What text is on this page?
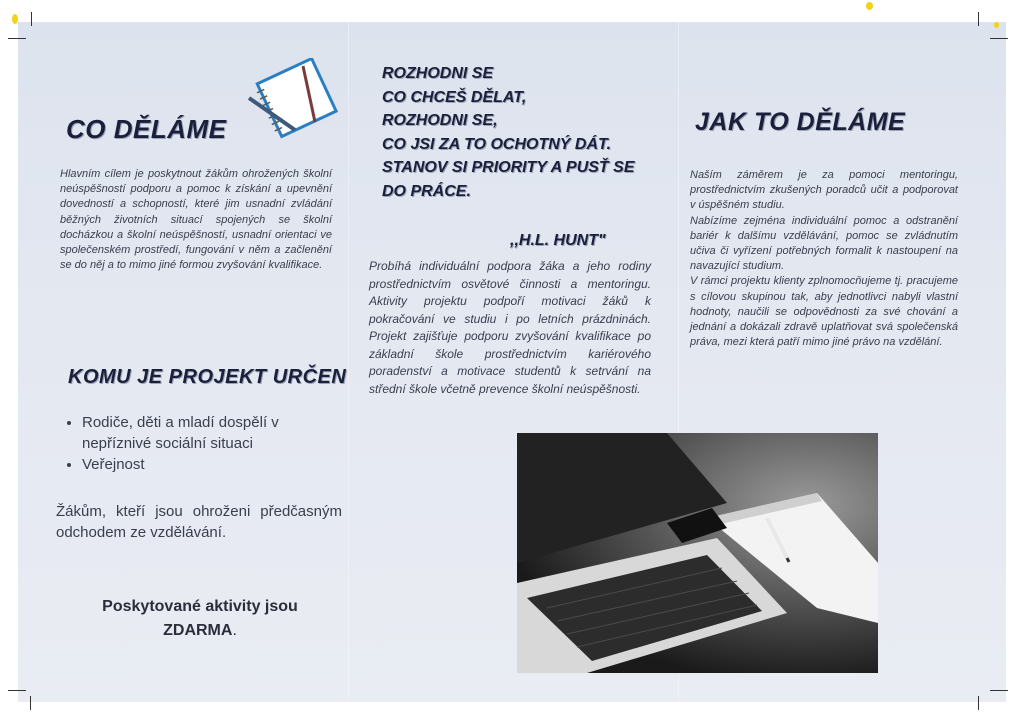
CO DĚLÁME
Hlavním cílem je poskytnout žákům ohrožených školní neúspěšností podporu a pomoc k získání a upevnění dovedností a schopností, které jim usnadní zvládání běžných životních situací spojených se školní docházkou a školní neúspěšností, usnadní orientaci ve společenském prostředí, fungování v něm a začlenění se do něj a to mimo jiné formou zvyšování kvalifikace.
KOMU JE PROJEKT URČEN
• Rodiče, děti a mladí dospělí v nepříznivé sociální situaci
• Veřejnost
Žákům, kteří jsou ohroženi předčasným odchodem ze vzdělávání.
Poskytované aktivity jsou
ZDARMA.
ROZHODNI SE
CO CHCEŠ DĚLAT,
ROZHODNI SE,
CO JSI ZA TO OCHOTNÝ DÁT.
STANOV SI PRIORITY A PUSŤ SE
DO PRÁCE.
,,H.L. HUNT"
Probíhá individuální podpora žáka a jeho rodiny prostřednictvím osvětové činnosti a mentoringu. Aktivity projektu podpoří motivaci žáků k pokračování ve studiu i po letních prázdninách. Projekt zajišťuje podporu zvyšování kvalifikace po základní škole prostřednictvím kariérového poradenství a motivace studentů k setrvání na střední škole včetně prevence školní neúspěšnosti.
JAK TO DĚLÁME
Naším záměrem je za pomoci mentoringu, prostřednictvím zkušených poradců učit a podporovat v úspěšném studiu.
Nabízíme zejména individuální pomoc a odstranění bariér k dalšímu vzdělávání, pomoc se zvládnutím učiva či vyřízení potřebných formalit k nastoupení na navazující studium.
V rámci projektu klienty zplnomocňujeme tj. pracujeme s cílovou skupinou tak, aby jednotlivci nabyli vlastní hodnoty, naučili se odpovědnosti za své chování a jednání a dokázali zdravě uplatňovat svá společenská práva, mezi která patří mimo jiné právo na vzdělání.
